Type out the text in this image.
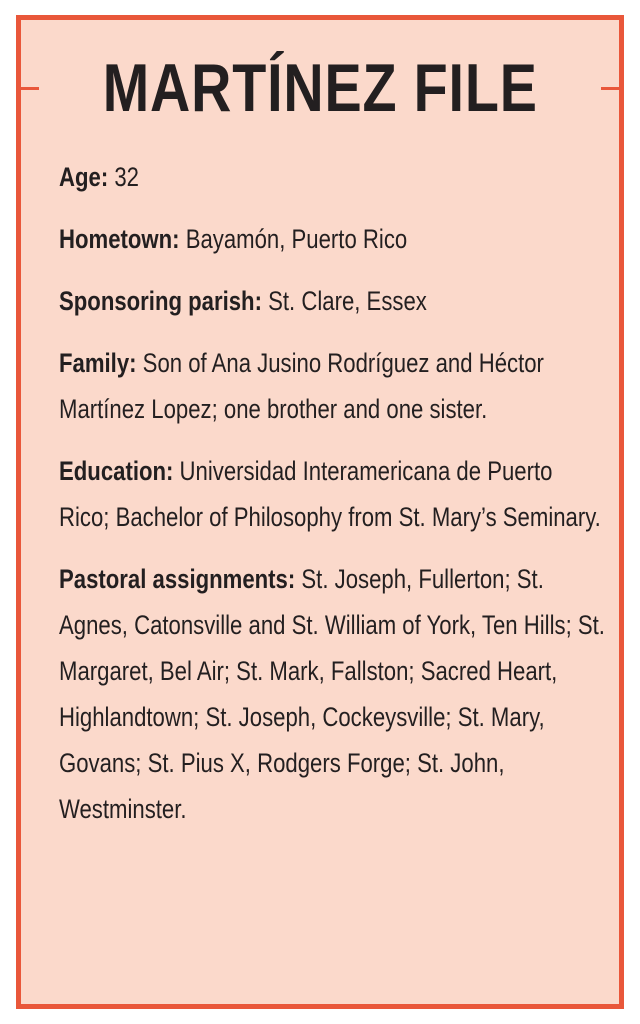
MARTÍNEZ FILE

Age: 32

Hometown: Bayamón, Puerto Rico

Sponsoring parish: St. Clare, Essex

Family: Son of Ana Jusino Rodríguez and Héctor Martínez Lopez; one brother and one sister.

Education: Universidad Interamericana de Puerto Rico; Bachelor of Philosophy from St. Mary’s Seminary.

Pastoral assignments: St. Joseph, Fullerton; St. Agnes, Catonsville and St. William of York, Ten Hills; St. Margaret, Bel Air; St. Mark, Fallston; Sacred Heart, Highlandtown; St. Joseph, Cockeysville; St. Mary, Govans; St. Pius X, Rodgers Forge; St. John, Westminster.
